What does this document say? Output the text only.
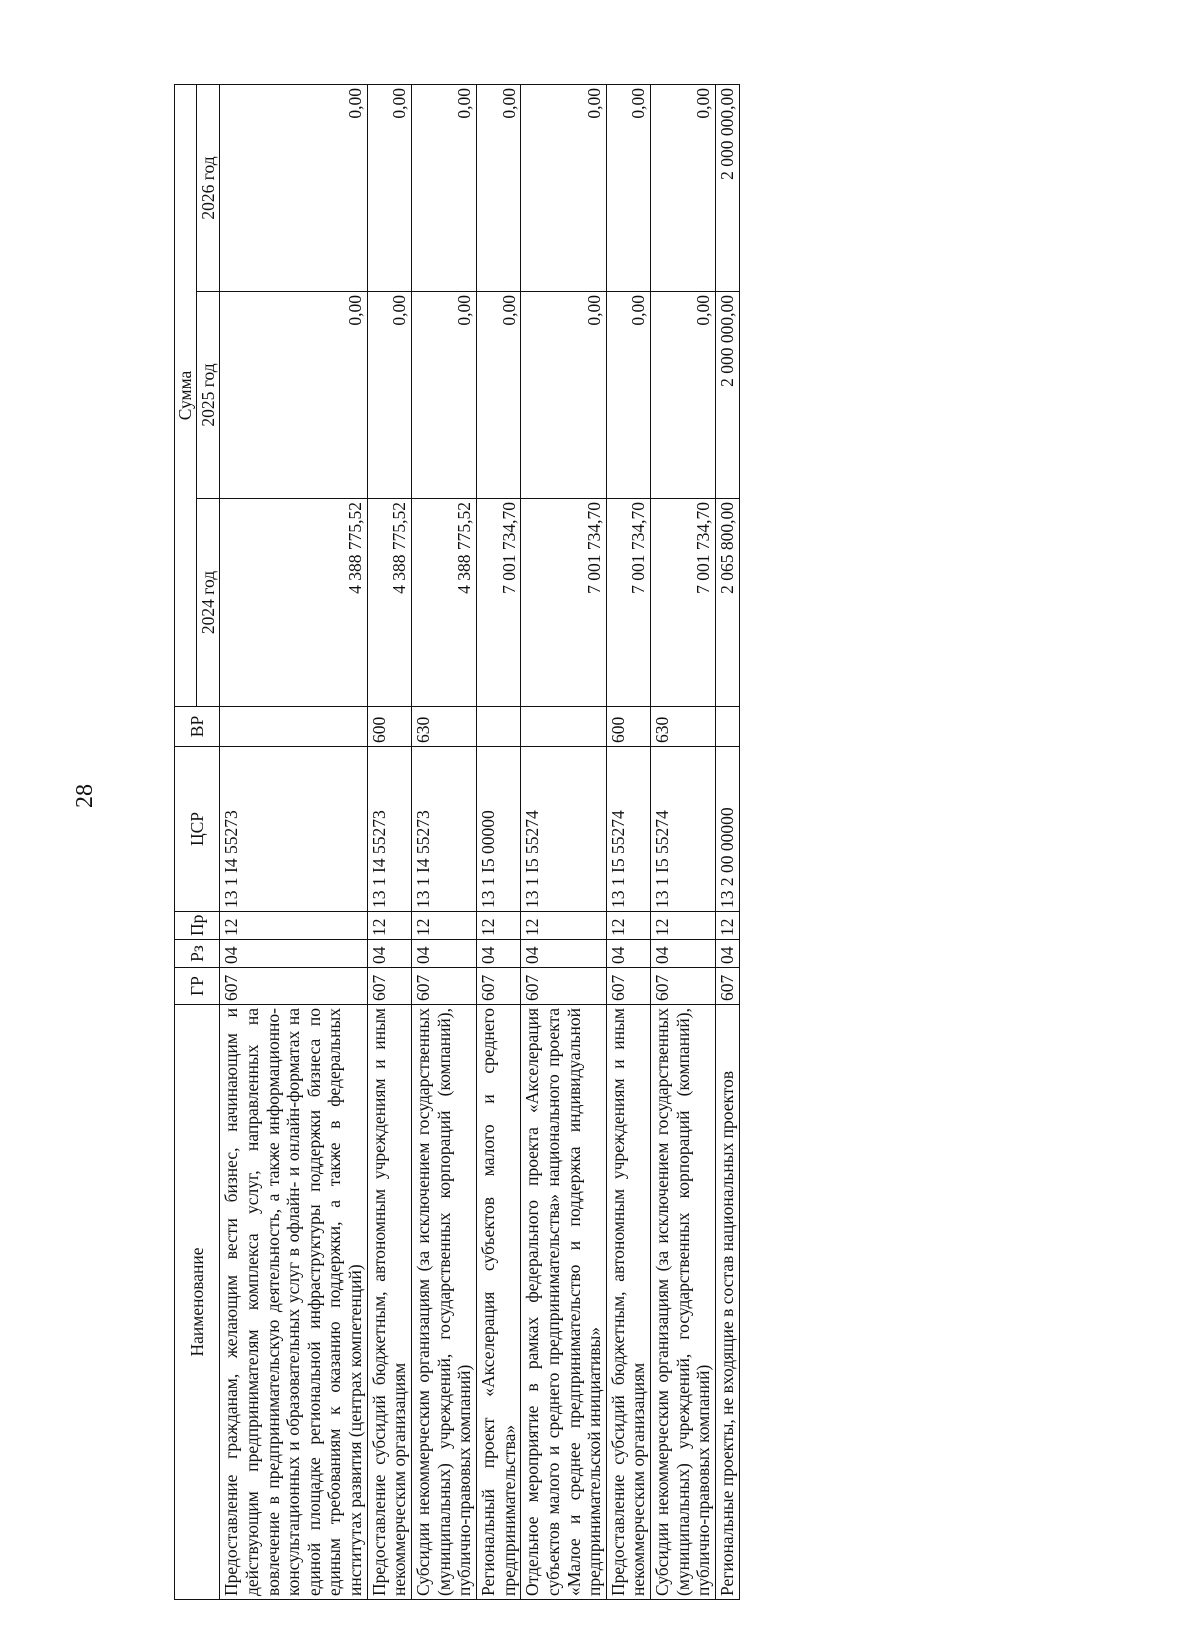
28
Наименование	ГР	Рз	Пр	ЦСР	ВР	Сумма		
						2024 год	2025 год	2026 год
Предоставление гражданам, желающим вести бизнес, начинающим и действующим предпринимателям комплекса услуг, направленных на вовлечение в предпринимательскую деятельность, а также информационно-консультационных и образовательных услуг в офлайн- и онлайн-форматах на единой площадке региональной инфраструктуры поддержки бизнеса по единым требованиям к оказанию поддержки, а также в федеральных институтах развития (центрах компетенций)	607	04	12	13 1 I4 55273		4 388 775,52	0,00	0,00
Предоставление субсидий бюджетным, автономным учреждениям и иным некоммерческим организациям	607	04	12	13 1 I4 55273	600	4 388 775,52	0,00	0,00
Субсидии некоммерческим организациям (за исключением государственных (муниципальных) учреждений, государственных корпораций (компаний), публично-правовых компаний)	607	04	12	13 1 I4 55273	630	4 388 775,52	0,00	0,00
Региональный проект «Акселерация субъектов малого и среднего предпринимательства»	607	04	12	13 1 I5 00000		7 001 734,70	0,00	0,00
Отдельное мероприятие в рамках федерального проекта «Акселерация субъектов малого и среднего предпринимательства» национального проекта «Малое и среднее предпринимательство и поддержка индивидуальной предпринимательской инициативы»	607	04	12	13 1 I5 55274		7 001 734,70	0,00	0,00
Предоставление субсидий бюджетным, автономным учреждениям и иным некоммерческим организациям	607	04	12	13 1 I5 55274	600	7 001 734,70	0,00	0,00
Субсидии некоммерческим организациям (за исключением государственных (муниципальных) учреждений, государственных корпораций (компаний), публично-правовых компаний)	607	04	12	13 1 I5 55274	630	7 001 734,70	0,00	0,00
Региональные проекты, не входящие в состав национальных проектов	607	04	12	13 2 00 00000		2 065 800,00	2 000 000,00	2 000 000,00
